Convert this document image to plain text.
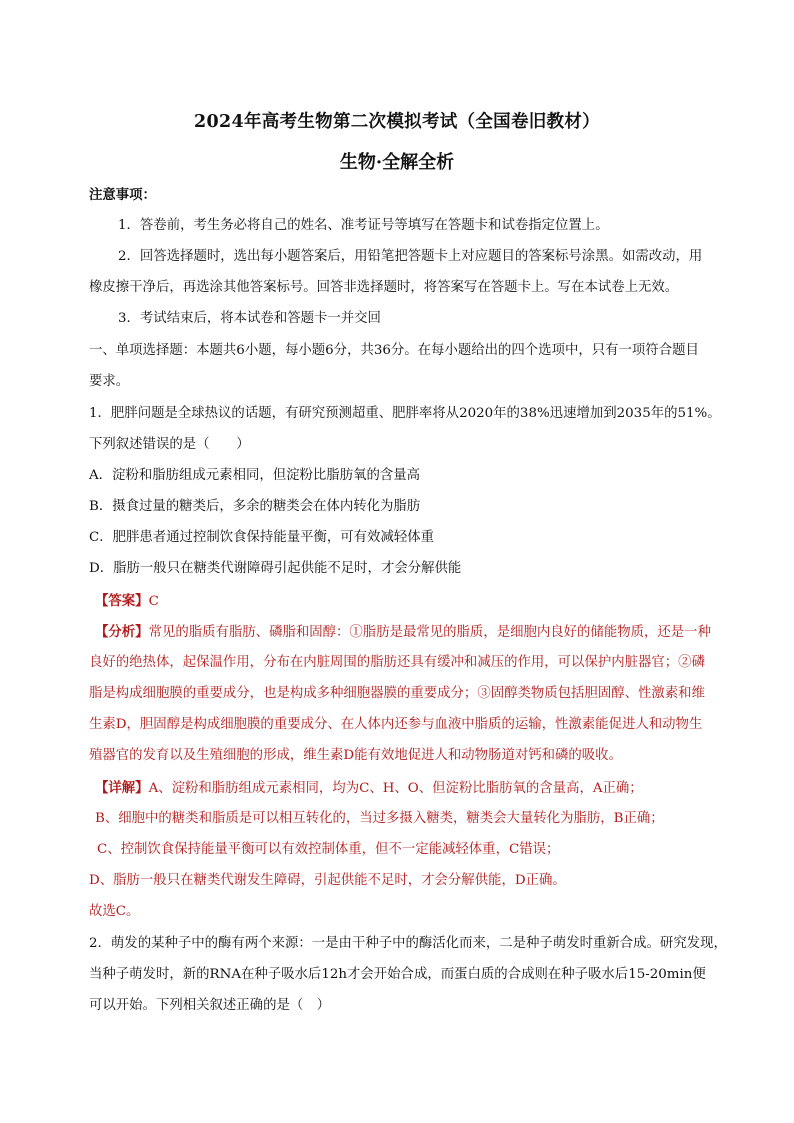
2024年高考生物第二次模拟考试（全国卷旧教材）
生物·全解全析
注意事项：
1．答卷前，考生务必将自己的姓名、准考证号等填写在答题卡和试卷指定位置上。
2．回答选择题时，选出每小题答案后，用铅笔把答题卡上对应题目的答案标号涂黑。如需改动，用
橡皮擦干净后，再选涂其他答案标号。回答非选择题时，将答案写在答题卡上。写在本试卷上无效。
3．考试结束后，将本试卷和答题卡一并交回
一、单项选择题：本题共6小题，每小题6分，共36分。在每小题给出的四个选项中，只有一项符合题目
要求。
1．肥胖问题是全球热议的话题，有研究预测超重、肥胖率将从2020年的38%迅速增加到2035年的51%。
下列叙述错误的是（　　）
A．淀粉和脂肪组成元素相同，但淀粉比脂肪氧的含量高
B．摄食过量的糖类后，多余的糖类会在体内转化为脂肪
C．肥胖患者通过控制饮食保持能量平衡，可有效减轻体重
D．脂肪一般只在糖类代谢障碍引起供能不足时，才会分解供能
【答案】C
【分析】常见的脂质有脂肪、磷脂和固醇：①脂肪是最常见的脂质，是细胞内良好的储能物质，还是一种
良好的绝热体，起保温作用，分布在内脏周围的脂肪还具有缓冲和减压的作用，可以保护内脏器官；②磷
脂是构成细胞膜的重要成分，也是构成多种细胞器膜的重要成分；③固醇类物质包括胆固醇、性激素和维
生素D，胆固醇是构成细胞膜的重要成分、在人体内还参与血液中脂质的运输，性激素能促进人和动物生
殖器官的发育以及生殖细胞的形成，维生素D能有效地促进人和动物肠道对钙和磷的吸收。
【详解】A、淀粉和脂肪组成元素相同，均为C、H、O、但淀粉比脂肪氧的含量高，A正确；
B、细胞中的糖类和脂质是可以相互转化的，当过多摄入糖类，糖类会大量转化为脂肪，B正确；
C、控制饮食保持能量平衡可以有效控制体重，但不一定能减轻体重，C错误；
D、脂肪一般只在糖类代谢发生障碍，引起供能不足时，才会分解供能，D正确。
故选C。
2．萌发的某种子中的酶有两个来源：一是由干种子中的酶活化而来，二是种子萌发时重新合成。研究发现，
当种子萌发时，新的RNA在种子吸水后12h才会开始合成，而蛋白质的合成则在种子吸水后15-20min便
可以开始。下列相关叙述正确的是（　）
